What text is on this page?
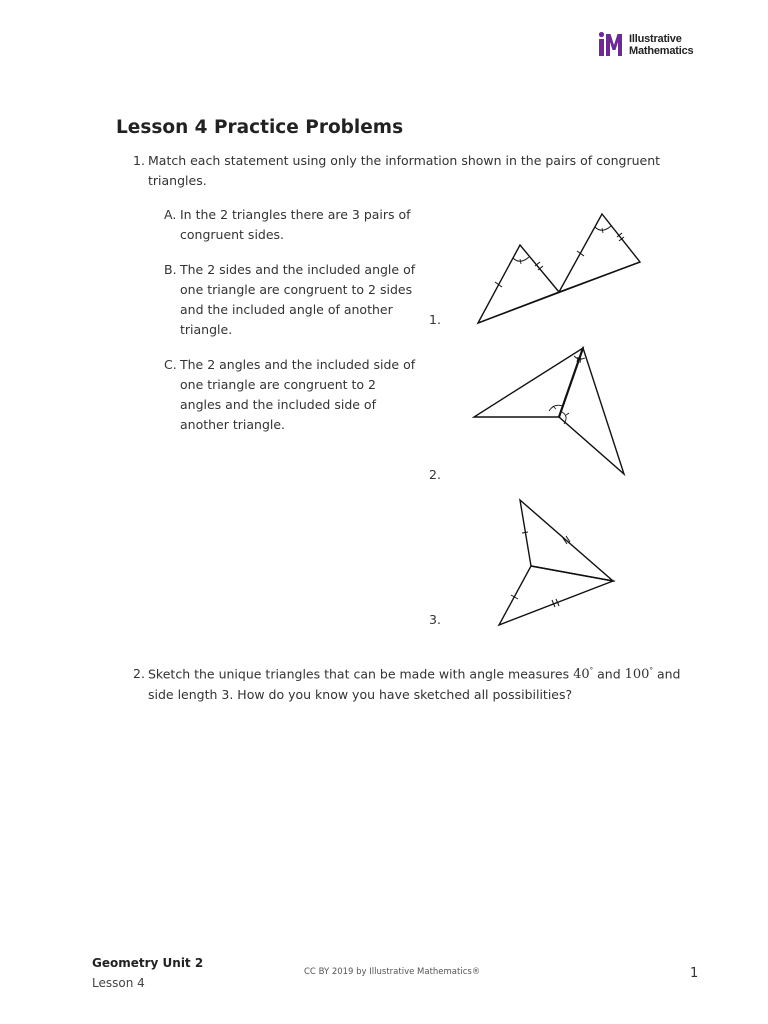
Illustrative
Mathematics
Lesson 4 Practice Problems
1. Match each statement using only the information shown in the pairs of congruent
triangles.
A. In the 2 triangles there are 3 pairs of
congruent sides.
B. The 2 sides and the included angle of
one triangle are congruent to 2 sides
and the included angle of another
triangle.
C. The 2 angles and the included side of
one triangle are congruent to 2
angles and the included side of
another triangle.
1.
2.
3.
2. Sketch the unique triangles that can be made with angle measures 40° and 100° and
side length 3. How do you know you have sketched all possibilities?
Geometry Unit 2
Lesson 4
CC BY 2019 by Illustrative Mathematics®	1
